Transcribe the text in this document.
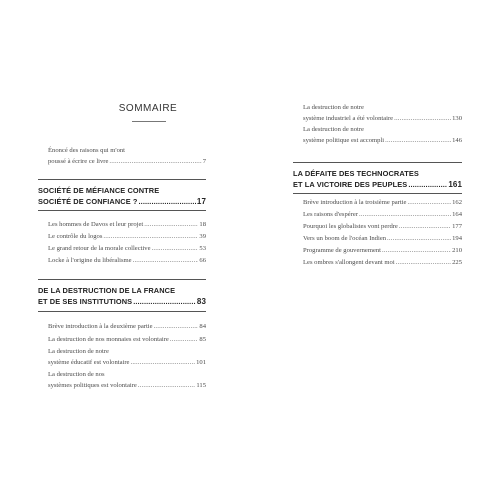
SOMMAIRE
Énoncé des raisons qui m'ont
poussé à écrire ce livre .....	7
SOCIÉTÉ DE MÉFIANCE CONTRE
SOCIÉTÉ DE CONFIANCE ? .....	17
Les hommes de Davos et leur projet .....	18
Le contrôle du logos .....	39
Le grand retour de la morale collective .....	53
Locke à l'origine du libéralisme .....	66
DE LA DESTRUCTION DE LA FRANCE
ET DE SES INSTITUTIONS .....	83
Brève introduction à la deuxième partie .....	84
La destruction de nos monnaies est volontaire .....	85
La destruction de notre
système éducatif est volontaire .....	101
La destruction de nos
systèmes politiques est volontaire .....	115
La destruction de notre
système industriel a été volontaire .....	130
La destruction de notre
système politique est accompli .....	146
LA DÉFAITE DES TECHNOCRATES
ET LA VICTOIRE DES PEUPLES .....	161
Brève introduction à la troisième partie .....	162
Les raisons d'espérer .....	164
Pourquoi les globalistes vont perdre .....	177
Vers un boom de l'océan Indien .....	194
Programme de gouvernement .....	210
Les ombres s'allongent devant moi .....	225
